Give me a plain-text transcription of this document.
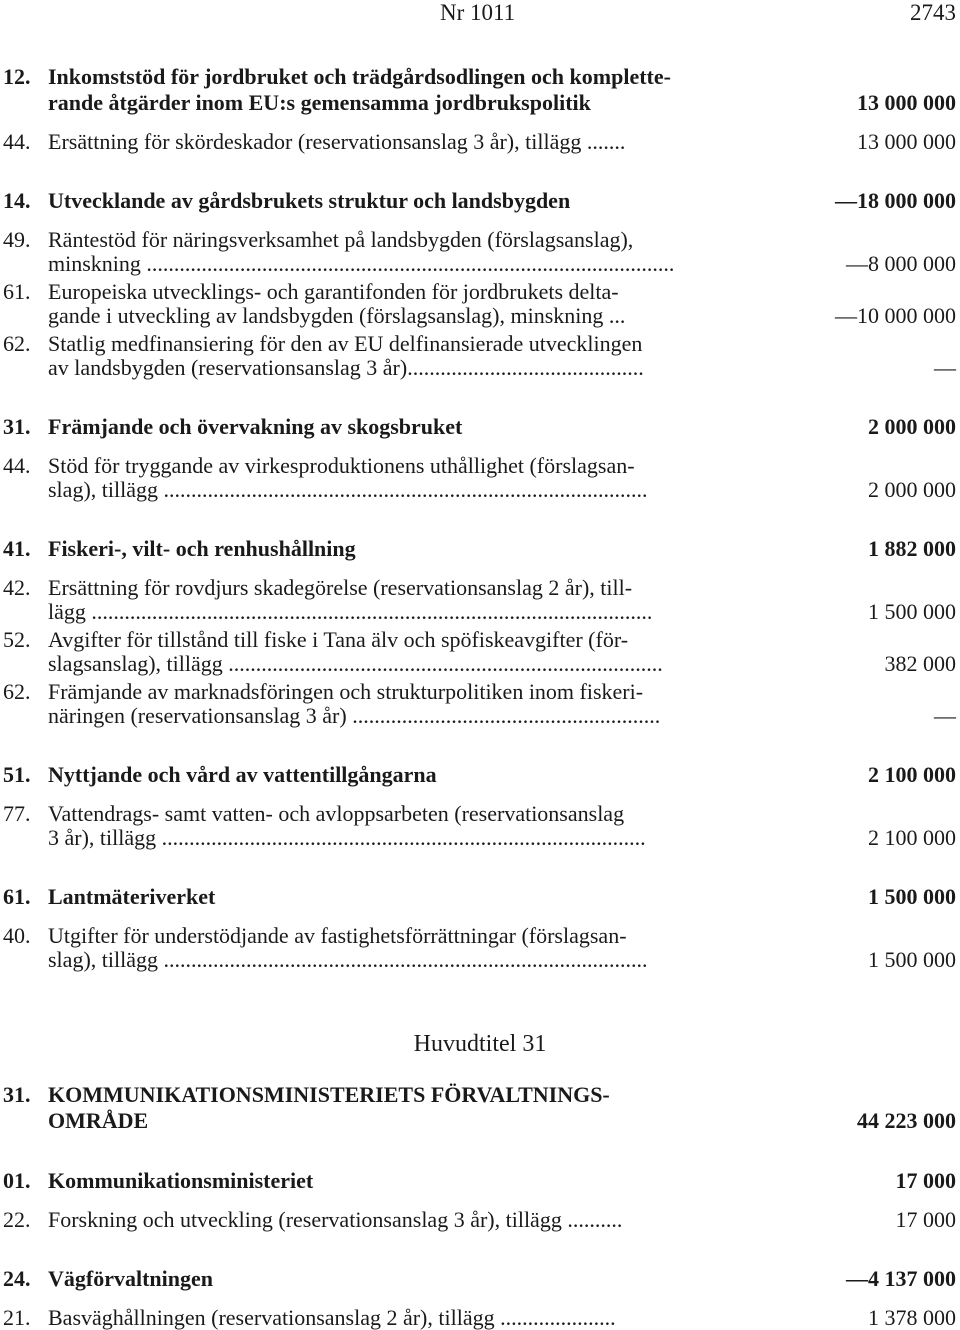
Nr 1011	2743
12. Inkomststöd för jordbruket och trädgårdsodlingen och komplette-
rande åtgärder inom EU:s gemensamma jordbrukspolitik	13 000 000
44. Ersättning för skördeskador (reservationsanslag 3 år), tillägg .......	13 000 000
14. Utvecklande av gårdsbrukets struktur och landsbygden	—18 000 000
49. Räntestöd för näringsverksamhet på landsbygden (förslagsanslag),
minskning ................................................................................................	—8 000 000
61. Europeiska utvecklings- och garantifonden för jordbrukets delta-
gande i utveckling av landsbygden (förslagsanslag), minskning ...	—10 000 000
62. Statlig medfinansiering för den av EU delfinansierade utvecklingen
av landsbygden (reservationsanslag 3 år)...........................................	—
31. Främjande och övervakning av skogsbruket	2 000 000
44. Stöd för tryggande av virkesproduktionens uthållighet (förslagsan-
slag), tillägg ........................................................................................	2 000 000
41. Fiskeri-, vilt- och renhushållning	1 882 000
42. Ersättning för rovdjurs skadegörelse (reservationsanslag 2 år), till-
lägg ......................................................................................................	1 500 000
52. Avgifter för tillstånd till fiske i Tana älv och spöfiskeavgifter (för-
slagsanslag), tillägg ...............................................................................	382 000
62. Främjande av marknadsföringen och strukturpolitiken inom fiskeri-
näringen (reservationsanslag 3 år) ........................................................	—
51. Nyttjande och vård av vattentillgångarna	2 100 000
77. Vattendrags- samt vatten- och avloppsarbeten (reservationsanslag
3 år), tillägg ........................................................................................	2 100 000
61. Lantmäteriverket	1 500 000
40. Utgifter för understödjande av fastighetsförrättningar (förslagsan-
slag), tillägg ........................................................................................	1 500 000
Huvudtitel 31
31. KOMMUNIKATIONSMINISTERIETS FÖRVALTNINGS-
OMRÅDE	44 223 000
01. Kommunikationsministeriet	17 000
22. Forskning och utveckling (reservationsanslag 3 år), tillägg ..........	17 000
24. Vägförvaltningen	—4 137 000
21. Basväghållningen (reservationsanslag 2 år), tillägg .....................	1 378 000
